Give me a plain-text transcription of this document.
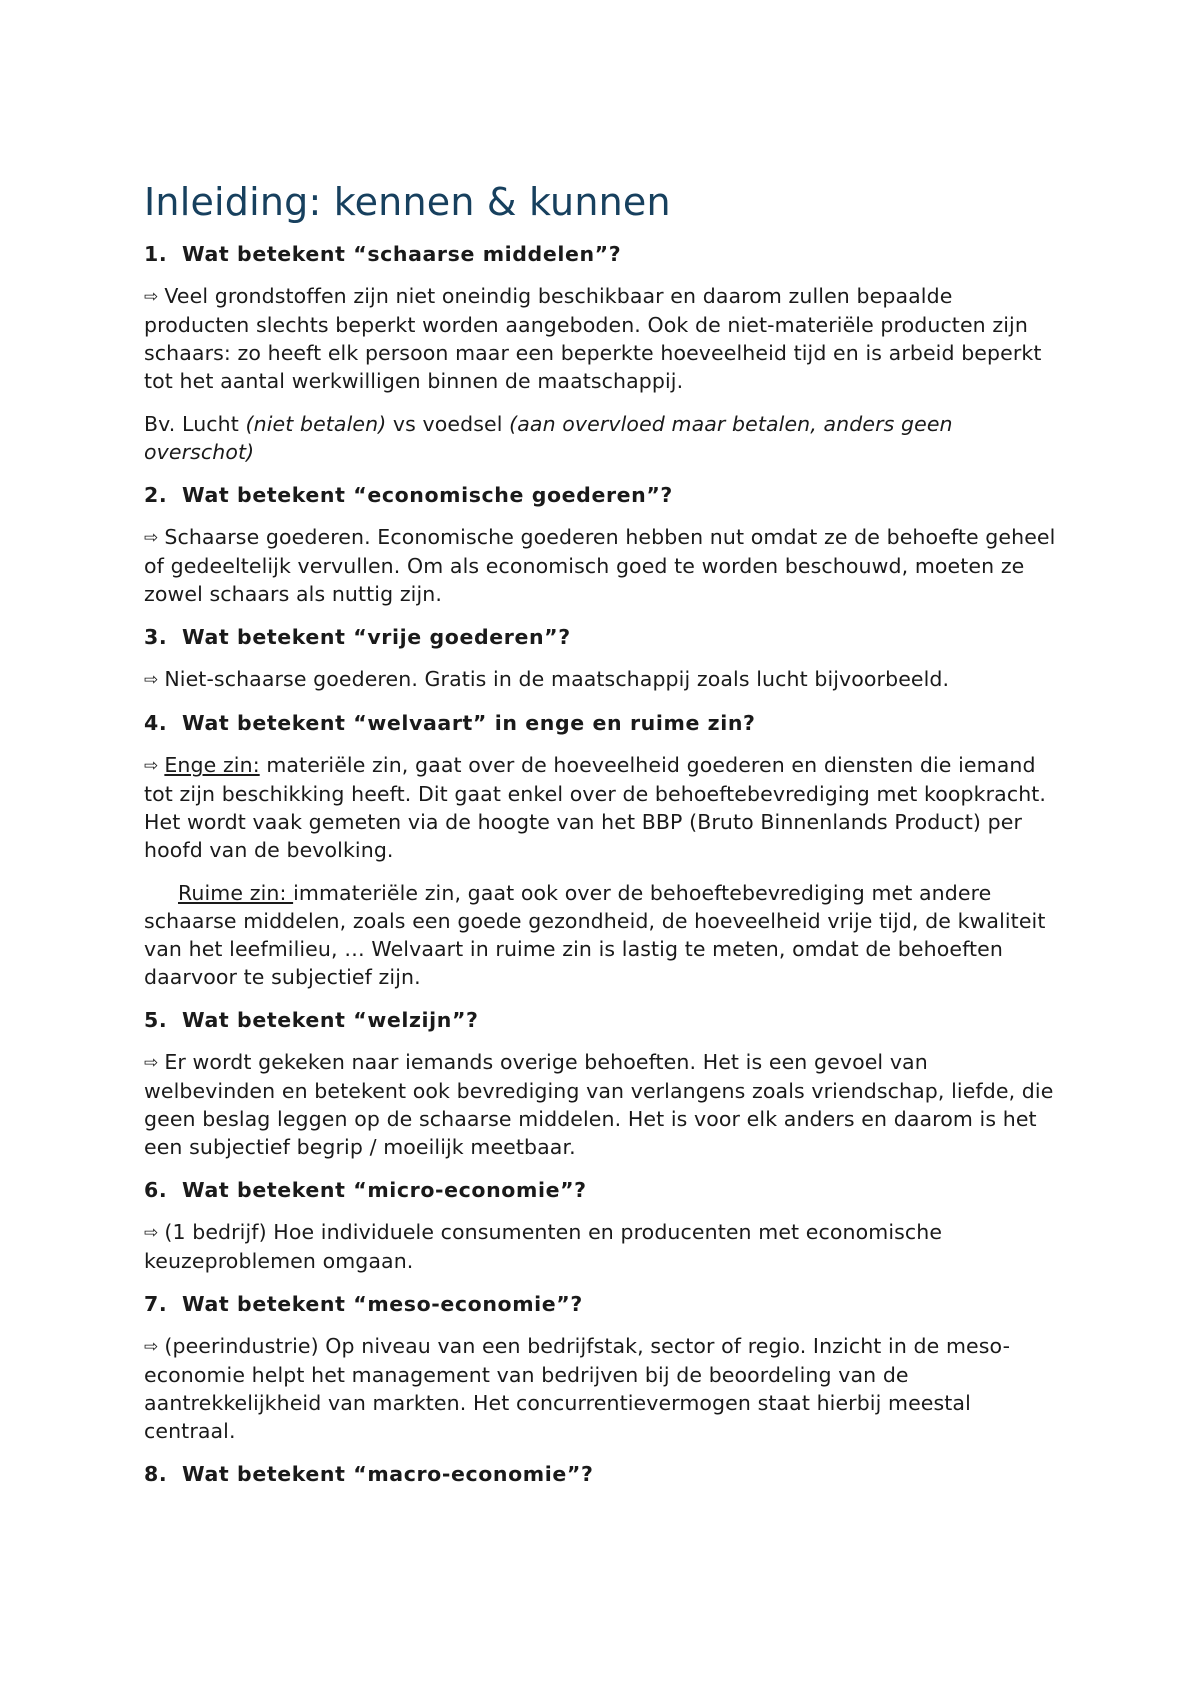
Inleiding: kennen & kunnen
1. Wat betekent “schaarse middelen”?
⇨ Veel grondstoffen zijn niet oneindig beschikbaar en daarom zullen bepaalde producten slechts beperkt worden aangeboden. Ook de niet-materiële producten zijn schaars: zo heeft elk persoon maar een beperkte hoeveelheid tijd en is arbeid beperkt tot het aantal werkwilligen binnen de maatschappij.
Bv. Lucht (niet betalen) vs voedsel (aan overvloed maar betalen, anders geen overschot)
2. Wat betekent “economische goederen”?
⇨ Schaarse goederen. Economische goederen hebben nut omdat ze de behoefte geheel of gedeeltelijk vervullen. Om als economisch goed te worden beschouwd, moeten ze zowel schaars als nuttig zijn.
3. Wat betekent “vrije goederen”?
⇨ Niet-schaarse goederen. Gratis in de maatschappij zoals lucht bijvoorbeeld.
4. Wat betekent “welvaart” in enge en ruime zin?
⇨ Enge zin: materiële zin, gaat over de hoeveelheid goederen en diensten die iemand tot zijn beschikking heeft. Dit gaat enkel over de behoeftebevrediging met koopkracht. Het wordt vaak gemeten via de hoogte van het BBP (Bruto Binnenlands Product) per hoofd van de bevolking.
Ruime zin: immateriële zin, gaat ook over de behoeftebevrediging met andere schaarse middelen, zoals een goede gezondheid, de hoeveelheid vrije tijd, de kwaliteit van het leefmilieu, … Welvaart in ruime zin is lastig te meten, omdat de behoeften daarvoor te subjectief zijn.
5. Wat betekent “welzijn”?
⇨ Er wordt gekeken naar iemands overige behoeften. Het is een gevoel van welbevinden en betekent ook bevrediging van verlangens zoals vriendschap, liefde, die geen beslag leggen op de schaarse middelen. Het is voor elk anders en daarom is het een subjectief begrip / moeilijk meetbaar.
6. Wat betekent “micro-economie”?
⇨ (1 bedrijf) Hoe individuele consumenten en producenten met economische keuzeproblemen omgaan.
7. Wat betekent “meso-economie”?
⇨ (peerindustrie) Op niveau van een bedrijfstak, sector of regio. Inzicht in de meso-economie helpt het management van bedrijven bij de beoordeling van de aantrekkelijkheid van markten. Het concurrentievermogen staat hierbij meestal centraal.
8. Wat betekent “macro-economie”?
